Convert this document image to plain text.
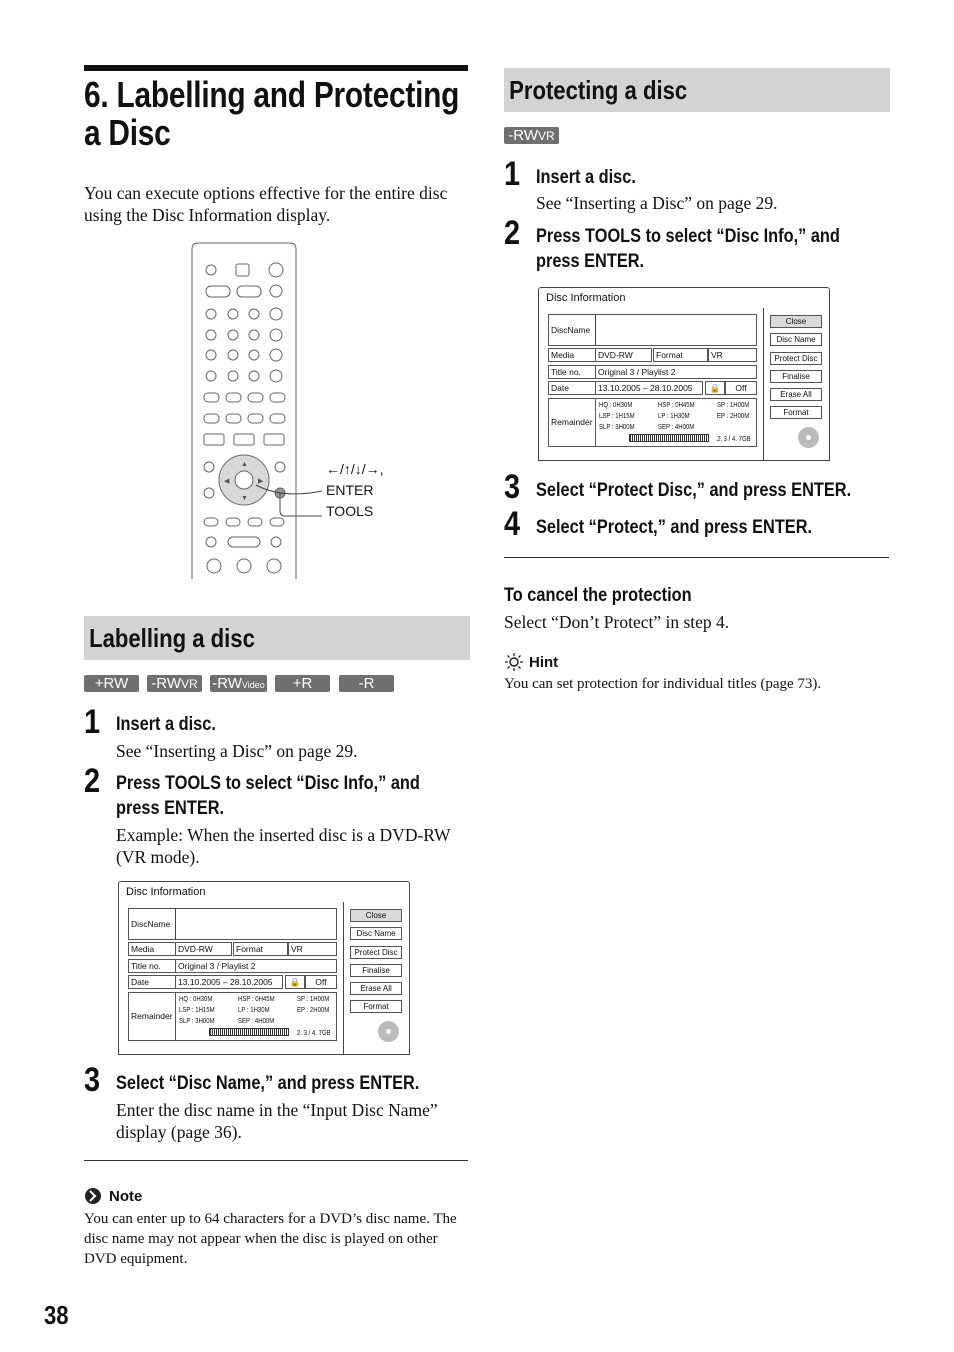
6. Labelling and Protecting
a Disc
You can execute options effective for the entire disc using the Disc Information display.
▲
▼
◀	▶
←/↑/↓/→,
ENTER
TOOLS
Labelling a disc
+RW	-RWVR -RWVideo	+R	-R
1 Insert a disc.
See “Inserting a Disc” on page 29.
2 Press TOOLS to select “Disc Info,” and
press ENTER.
Example: When the inserted disc is a DVD-RW (VR mode).
Disc Information
DiscName
Media	DVD-RW	Format	VR
Title no.	Original 3 / Playlist 2
Date	13.10.2005 – 28.10.2005	🔒	Off
Remainder
HQ : 0H30M	HSP : 0H45M	SP : 1H00M
LSP : 1H15M	LP : 1H30M	EP : 2H00M
SLP : 3H00M	SEP : 4H00M
2. 3 / 4. 7GB
Close
Disc Name
Protect Disc
Finalise
Erase All
Format
3 Select “Disc Name,” and press ENTER.
Enter the disc name in the “Input Disc Name” display (page 36).
Note
You can enter up to 64 characters for a DVD’s disc name. The disc name may not appear when the disc is played on other DVD equipment.
38
Protecting a disc
-RWVR
1 Insert a disc.
See “Inserting a Disc” on page 29.
2 Press TOOLS to select “Disc Info,” and
press ENTER.
Disc Information
DiscName
Media	DVD-RW	Format	VR
Title no.	Original 3 / Playlist 2
Date	13.10.2005 – 28.10.2005	🔒	Off
Remainder
HQ : 0H30M	HSP : 0H45M	SP : 1H00M
LSP : 1H15M	LP : 1H30M	EP : 2H00M
SLP : 3H00M	SEP : 4H00M
2. 3 / 4. 7GB
Close
Disc Name
Protect Disc
Finalise
Erase All
Format
3 Select “Protect Disc,” and press ENTER.
4 Select “Protect,” and press ENTER.
To cancel the protection
Select “Don’t Protect” in step 4.
Hint
You can set protection for individual titles (page 73).
